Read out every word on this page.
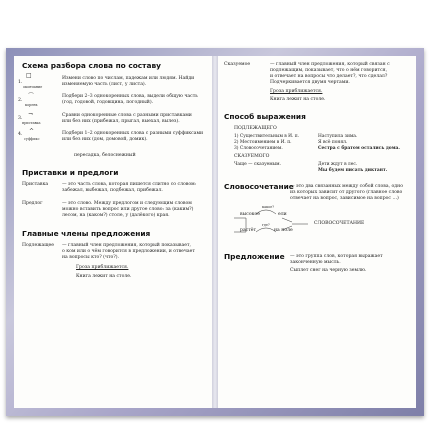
Схема разбора слова по составу
□
1.
окончание
Измени слово по числам, падежам или людям. Найди
изменяемую часть (лист, у листа).
⌒
2.
корень
Подбери 2–3 однокоренных слова, выдели общую часть
(год, годовой, годовщина, погодный).
¬
3.
приставка
Сравни однокоренные слова с разными приставками
или без них (прибежал, прыгал, выехал, вылез).
^
4.
суффикс
Подбери 1–2 однокоренных слова с разными суффиксами
или без них (дом, домовой, домик).
пересадка, белоснежный
Приставки и предлоги
Приставка	— это часть слова, которая пишется слитно со словом:
забежал, выбежал, подбежал, прибежал.
Предлог	— это слово. Между предлогом и следующим словом
можно вставить вопрос или другое слово: за (каким?)
лесом, на (каком?) столе, у (далёкого) края.
Главные члены предложения
Подлежащее — главный член предложения, который показывает,
о ком или о чём говорится в предложении, и отвечает
на вопросы кто? (что?).
Гроза приближается.
Книга лежит на столе.
Сказуемое	— главный член предложения, который связан с
подлежащим, показывает, что о нём говорится,
и отвечает на вопросы что делает?, что сделал?
Подчеркивается двумя чертами.
Гроза приближается.
Книга лежит на столе.
Способ выражения
ПОДЛЕЖАЩЕГО
1) Существительным в И. п.	Наступила зима.
2) Местоимением в И. п.	Я всё понял.
3) Словосочетанием.	Сестра с братом остались дома.
СКАЗУЕМОГО
Чаще — сказуемым.	Дети ждут в лес.
Мы будем писать диктант.
Словосочетание
— это два связанных между собой слова, одно
из которых зависит от другого (главное слово
отвечает на вопрос, зависимое на вопрос …)
какое?
высокое	ели
растёт
где?
на поле
СЛОВОСОЧЕТАНИЕ
Предложение — это группа слов, которая выражает
законченную мысль.
Сыплет снег на черную землю.
